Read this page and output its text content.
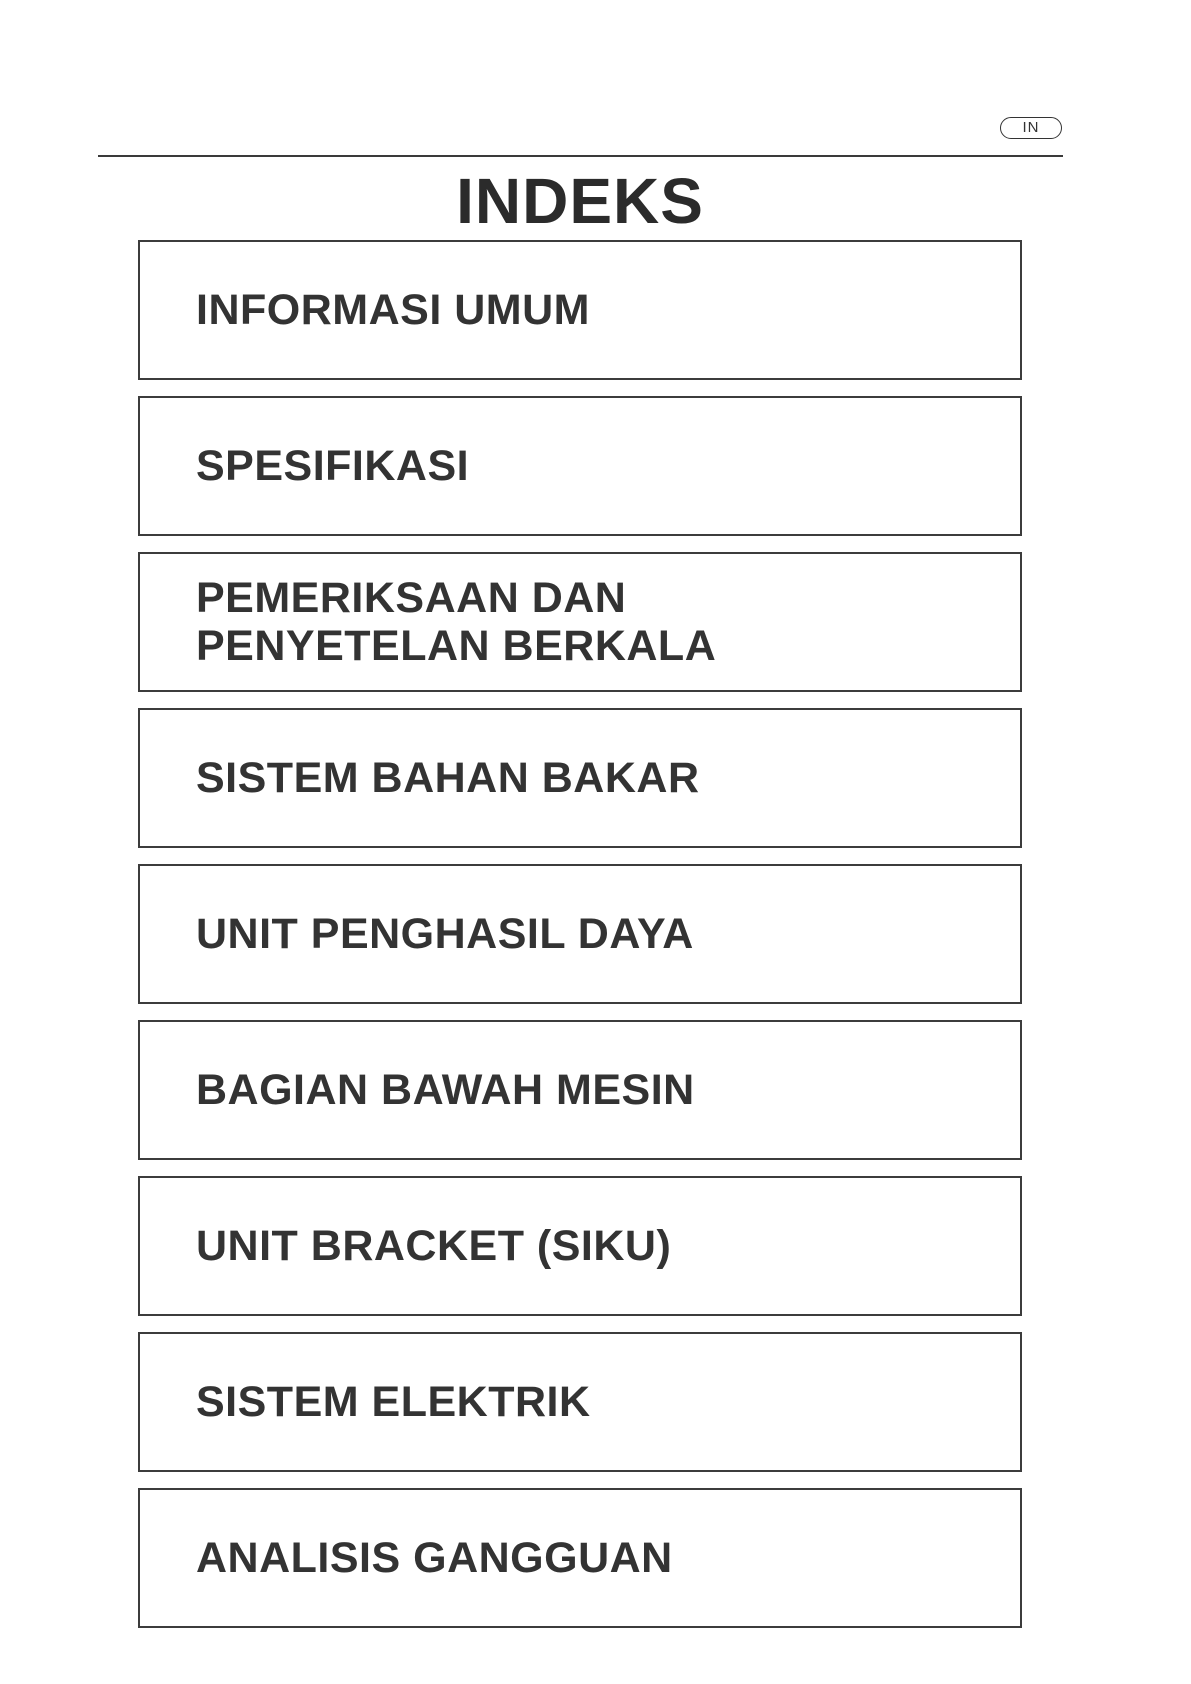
IN
INDEKS
INFORMASI UMUM
SPESIFIKASI
PEMERIKSAAN DAN
PENYETELAN BERKALA
SISTEM BAHAN BAKAR
UNIT PENGHASIL DAYA
BAGIAN BAWAH MESIN
UNIT BRACKET (SIKU)
SISTEM ELEKTRIK
ANALISIS GANGGUAN
